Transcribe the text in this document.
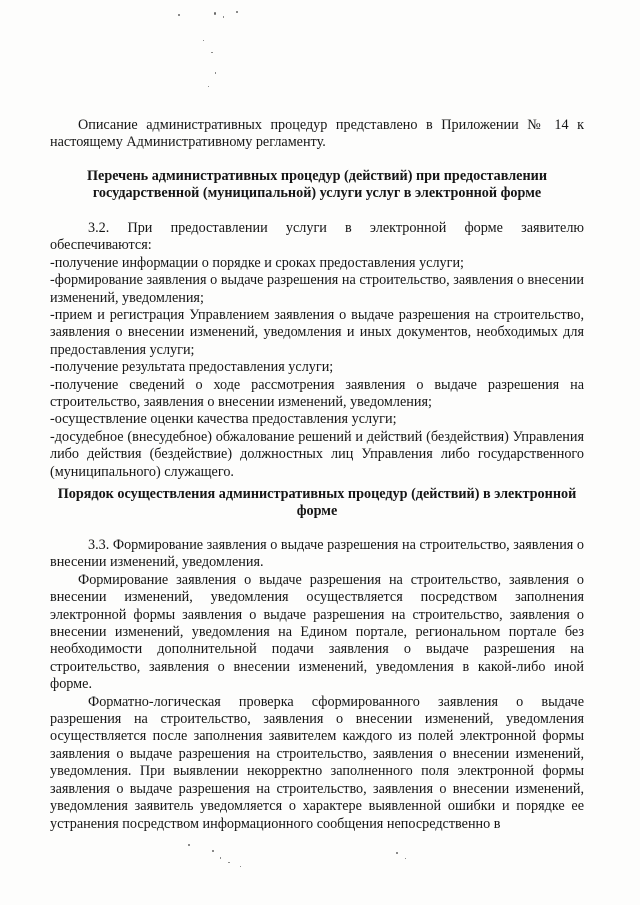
Описание административных процедур представлено в Приложении № 14 к настоящему Административному регламенту.

Перечень административных процедур (действий) при предоставлении государственной (муниципальной) услуги услуг в электронной форме

3.2. При предоставлении услуги в электронной форме заявителю обеспечиваются:

-получение информации о порядке и сроках предоставления услуги;

-формирование заявления о выдаче разрешения на строительство, заявления о внесении изменений, уведомления;

-прием и регистрация Управлением заявления о выдаче разрешения на строительство, заявления о внесении изменений, уведомления и иных документов, необходимых для предоставления услуги;

-получение результата предоставления услуги;

-получение сведений о ходе рассмотрения заявления о выдаче разрешения на строительство, заявления о внесении изменений, уведомления;

-осуществление оценки качества предоставления услуги;

-досудебное (внесудебное) обжалование решений и действий (бездействия) Управления либо действия (бездействие) должностных лиц Управления либо государственного (муниципального) служащего.

Порядок осуществления административных процедур (действий) в электронной форме

3.3. Формирование заявления о выдаче разрешения на строительство, заявления о внесении изменений, уведомления.

Формирование заявления о выдаче разрешения на строительство, заявления о внесении изменений, уведомления осуществляется посредством заполнения электронной формы заявления о выдаче разрешения на строительство, заявления о внесении изменений, уведомления на Едином портале, региональном портале без необходимости дополнительной подачи заявления о выдаче разрешения на строительство, заявления о внесении изменений, уведомления в какой-либо иной форме.

Форматно-логическая проверка сформированного заявления о выдаче разрешения на строительство, заявления о внесении изменений, уведомления осуществляется после заполнения заявителем каждого из полей электронной формы заявления о выдаче разрешения на строительство, заявления о внесении изменений, уведомления. При выявлении некорректно заполненного поля электронной формы заявления о выдаче разрешения на строительство, заявления о внесении изменений, уведомления заявитель уведомляется о характере выявленной ошибки и порядке ее устранения посредством информационного сообщения непосредственно в
